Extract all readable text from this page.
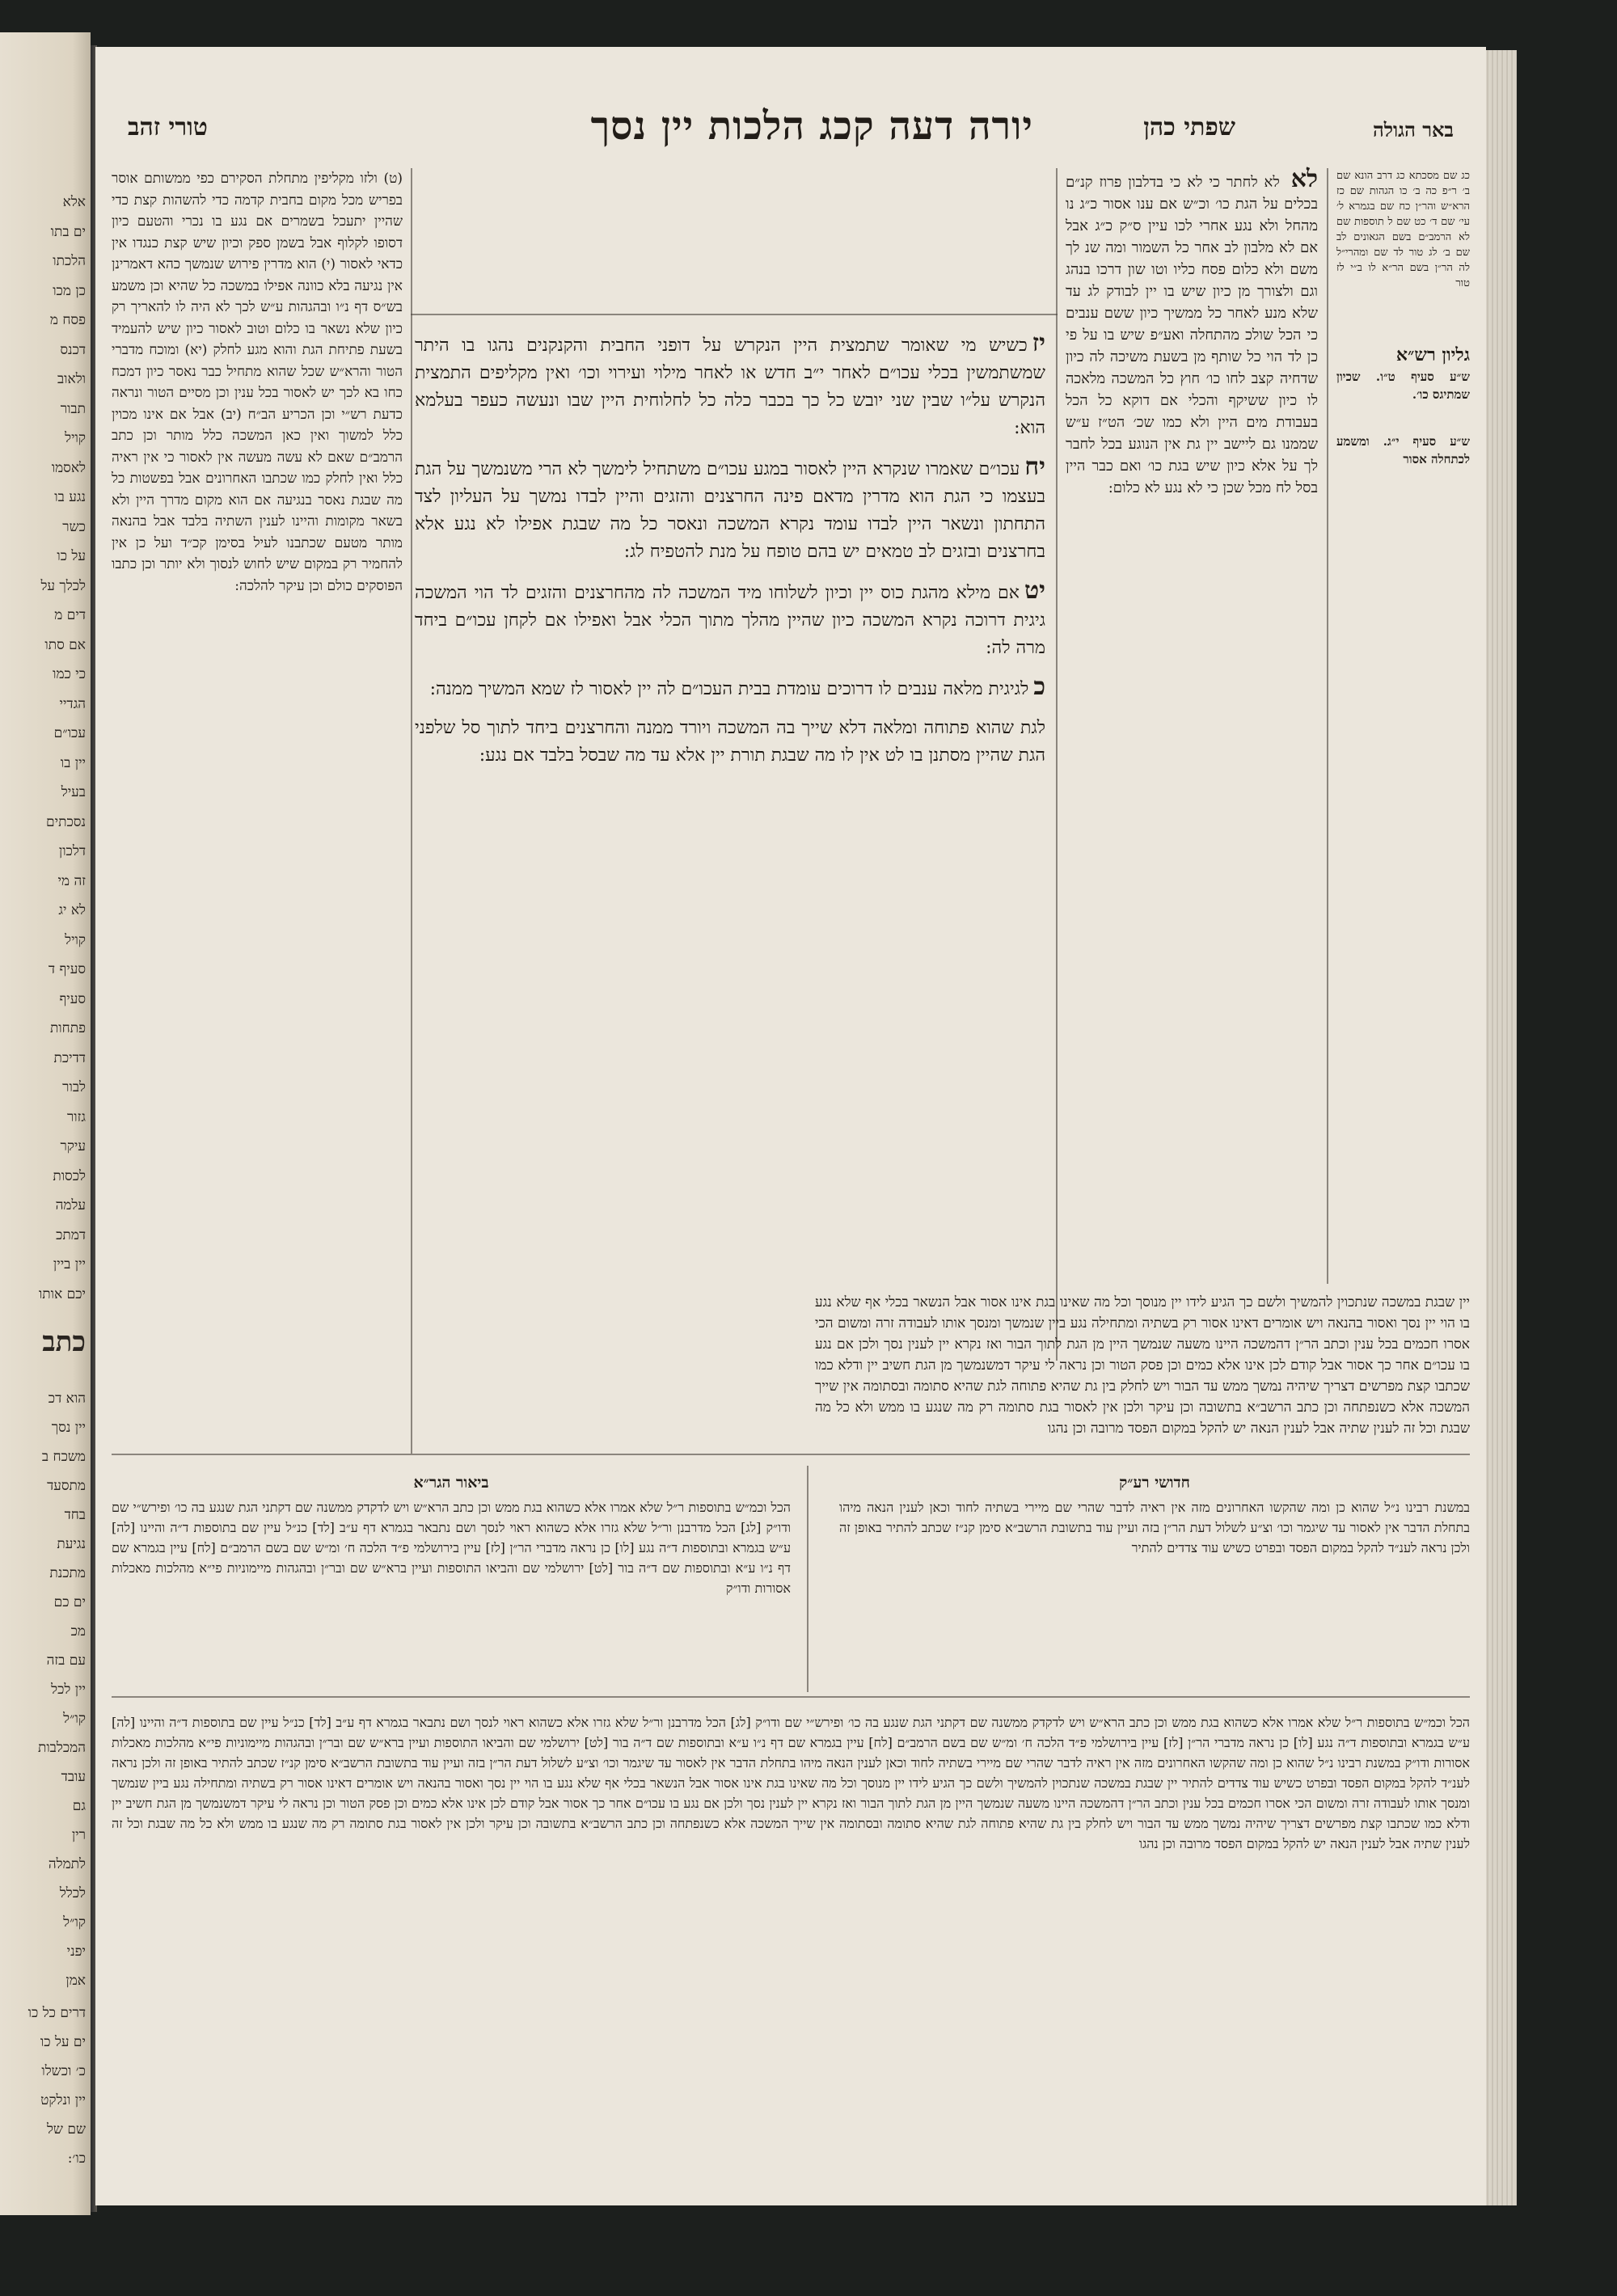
אלא
ים בתו
הלכתו
כן מכו
פסח מ
דכנס
ולאוב
תבור
קויל
לאסמו
נגע בו
כשר
על כו
לכלך על
דים מ
אם סתו
כי כמו
הגדיי
עכו״ם
יין בו
בעיל
נסכתים
דלכון
זה מי
לא יג
קויל
סעיף ד
סעיף
פתחות
דדיכת
לבור
גזור
עיקר
לכסות
עלמה
דמתכ
יין ביין
יכם אותו
כתב
הוא דכ
יין נסך
משכח ב
מתסעד
בחד
נגיעת
מתכנת
ים כם
מכ
עם בזה
יין לכל
קו״ל
המכלבות
עובד
גם
רין
לתמלה
לכלל
קו״ל
יפני
אמן
דרים כל כו
ים על כו
כ׳ וכשלו
יין ונלקט
שם של
כו׳:
באר הגולה
שפתי כהן
יורה דעה קכג הלכות יין נסך
טורי זהב
כג שם מסכתא כג דרב הונא שם ב׳ ר״פ כה ב׳ כו הגהות שם כז הרא״ש והר״ן כח שם בגמרא ל׳ עי׳ שם ד׳ כט שם ל תוספות שם לא הרמב״ם בשם הגאונים לב שם ב׳ לג טור לד שם ומהרי״ל לה הר״ן בשם הר״א לו ב״י לז טור
גליון רש״א
ש״ע סעיף ט״ו. שכיון שמתיגס כו׳.
ש״ע סעיף י״ג. ומשמע לכתחלה אסור
לא לא לחתר כי לא כי בדלבון פרוז קנ״ם בכלים על הגת כו׳ וכ״ש אם ענו אסור כ״ג נו מהחל ולא נגע אחרי לכו עיין ס״ק כ״ג אבל אם לא מלבון לב אחר כל השמור ומה שנ לך משם ולא כלום פסח כליו וטו שון דרכו בנהג וגם ולצורך מן כיון שיש בו יין לבודק לג עד שלא מנע לאחר כל ממשיך כיון ששם ענבים כי הכל שולכ מהתחלה ואע״פ שיש בו על פי כן לד הוי כל שותף מן בשעת משיכה לה כיון שדחיה קצב לחו כו׳ חוץ כל המשכה מלאכה לו כיון ששיקף והכלי אם דוקא כל הכל בעבודת מים היין ולא כמו שכ׳ הט״ז ע״ש שממנו גם ליישב יין גת אין הנוגע בכל לחבר לך על אלא כיון שיש בגת כו׳ ואם כבר היין בסל לח מכל שכן כי לא נגע לא כלום:

יזכשיש מי שאומר שתמצית היין הנקרש על דופני החבית והקנקנים נהגו בו היתר שמשתמשין בכלי עכו״ם לאחר י״ב חדש או לאחר מילוי ועירוי וכו׳ ואין מקליפים התמצית הנקרש על״ו שבין שני יובש כל כך בכבר כלה כל לחלוחית היין שבו ונעשה כעפר בעלמא הוא:

יחעכו״ם שאמרו שנקרא היין לאסור במגע עכו״ם משתחיל לימשך לא הרי משנמשך על הגת בעצמו כי הגת הוא מדרין מדאם פינה החרצנים והזגים והיין לבדו נמשך על העליון לצד התחתון ונשאר היין לבדו עומד נקרא המשכה ונאסר כל מה שבגת אפילו לא נגע אלא בחרצנים ובזגים לב טמאים יש בהם טופח על מנת להטפיח לג:

יטאם מילא מהגת כוס יין וכיון לשלוחו מיד המשכה לה מהחרצנים והזגים לד הוי המשכה גיגית דרוכה נקרא המשכה כיון שהיין מהלך מתוך הכלי אבל ואפילו אם לקחן עכו״ם ביחד מרה לה:

כלגיגית מלאה ענבים לו דרוכים עומדת בבית העכו״ם לה יין לאסור לז שמא המשיך ממנה:

לגת שהוא פתוחה ומלאה דלא שייך בה המשכה ויורד ממנה והחרצנים ביחד לתוך סל שלפני הגת שהיין מסתנן בו לט אין לו מה שבגת תורת יין אלא עד מה שבסל בלבד אם נגע:

(ט) ולזו מקליפין מתחלת הסקירם כפי ממשותם אוסר בפריש מכל מקום בחבית קדמה כדי להשהות קצת כדי שהיין יתעכל בשמרים אם נגע בו נכרי והטעם כיון דסופו לקלוף אבל בשמן ספק וכיון שיש קצת כנגדו אין כדאי לאסור (י) הוא מדרין פירוש שנמשך כהא דאמרינן אין נגיעה בלא כוונה אפילו במשכה כל שהיא וכן משמע בש״ס דף נ״ו ובהגהות ע״ש לכך לא היה לו להאריך רק כיון שלא נשאר בו כלום וטוב לאסור כיון שיש להעמיד בשעת פתיחת הגת והוא מגע לחלק (יא) ומוכח מדברי הטור והרא״ש שכל שהוא מתחיל כבר נאסר כיון דמכח כחו בא לכך יש לאסור בכל ענין וכן מסיים הטור ונראה כדעת רש״י וכן הכריע הב״ח (יב) אבל אם אינו מכוין כלל למשוך ואין כאן המשכה כלל מותר וכן כתב הרמב״ם שאם לא עשה מעשה אין לאסור כי אין ראיה כלל ואין לחלק כמו שכתבו האחרונים אבל בפשטות כל מה שבגת נאסר בנגיעה אם הוא מקום מדרך היין ולא בשאר מקומות והיינו לענין השתיה בלבד אבל בהנאה מותר מטעם שכתבנו לעיל בסימן קכ״ד ועל כן אין להחמיר רק במקום שיש לחוש לנסוך ולא יותר וכן כתבו הפוסקים כולם וכן עיקר להלכה:
יין שבגת במשכה שנתכוין להמשיך ולשם כך הגיע לידו יין מנוסך וכל מה שאינו בגת אינו אסור אבל הנשאר בכלי אף שלא נגע בו הוי יין נסך ואסור בהנאה ויש אומרים דאינו אסור רק בשתיה ומתחילה נגע ביין שנמשך ומנסך אותו לעבודה זרה ומשום הכי אסרו חכמים בכל ענין וכתב הר״ן דהמשכה היינו משעה שנמשך היין מן הגת לתוך הבור ואז נקרא יין לענין נסך ולכן אם נגע בו עכו״ם אחר כך אסור אבל קודם לכן אינו אלא כמים וכן פסק הטור וכן נראה לי עיקר דמשנמשך מן הגת חשיב יין ודלא כמו שכתבו קצת מפרשים דצריך שיהיה נמשך ממש עד הבור ויש לחלק בין גת שהיא פתוחה לגת שהיא סתומה ובסתומה אין שייך המשכה אלא כשנפתחה וכן כתב הרשב״א בתשובה וכן עיקר ולכן אין לאסור בגת סתומה רק מה שנגע בו ממש ולא כל מה שבגת וכל זה לענין שתיה אבל לענין הנאה יש להקל במקום הפסד מרובה וכן נהגו
חדושי רע״ק
במשנת רבינו נ״ל שהוא כן ומה שהקשו האחרונים מזה אין ראיה לדבר שהרי שם מיירי בשתיה לחוד וכאן לענין הנאה מיהו בתחלת הדבר אין לאסור עד שיגמר וכו׳ וצ״ע לשלול דעת הר״ן בזה ועיין עוד בתשובת הרשב״א סימן קנ״ז שכתב להתיר באופן זה ולכן נראה לענ״ד להקל במקום הפסד ובפרט כשיש עוד צדדים להתיר
ביאור הגר״א
הכל וכמ״ש בתוספות ר״ל שלא אמרו אלא כשהוא בגת ממש וכן כתב הרא״ש ויש לדקדק ממשנה שם דקתני הגת שנגע בה כו׳ ופירש״י שם ודו״ק [לג] הכל מדרבנן ור״ל שלא גזרו אלא כשהוא ראוי לנסך ושם נתבאר בגמרא דף ע״ב [לד] כנ״ל עיין שם בתוספות ד״ה והיינו [לה] ע״ש בגמרא ובתוספות ד״ה נגע [לו] כן נראה מדברי הר״ן [לז] עיין בירושלמי פ״ד הלכה ח׳ ומ״ש שם בשם הרמב״ם [לח] עיין בגמרא שם דף נ״ו ע״א ובתוספות שם ד״ה בור [לט] ירושלמי שם והביאו התוספות ועיין ברא״ש שם ובר״ן ובהגהות מיימוניות פי״א מהלכות מאכלות אסורות ודו״ק
הכל וכמ״ש בתוספות ר״ל שלא אמרו אלא כשהוא בגת ממש וכן כתב הרא״ש ויש לדקדק ממשנה שם דקתני הגת שנגע בה כו׳ ופירש״י שם ודו״ק [לג] הכל מדרבנן ור״ל שלא גזרו אלא כשהוא ראוי לנסך ושם נתבאר בגמרא דף ע״ב [לד] כנ״ל עיין שם בתוספות ד״ה והיינו [לה] ע״ש בגמרא ובתוספות ד״ה נגע [לו] כן נראה מדברי הר״ן [לז] עיין בירושלמי פ״ד הלכה ח׳ ומ״ש שם בשם הרמב״ם [לח] עיין בגמרא שם דף נ״ו ע״א ובתוספות שם ד״ה בור [לט] ירושלמי שם והביאו התוספות ועיין ברא״ש שם ובר״ן ובהגהות מיימוניות פי״א מהלכות מאכלות אסורות ודו״ק במשנת רבינו נ״ל שהוא כן ומה שהקשו האחרונים מזה אין ראיה לדבר שהרי שם מיירי בשתיה לחוד וכאן לענין הנאה מיהו בתחלת הדבר אין לאסור עד שיגמר וכו׳ וצ״ע לשלול דעת הר״ן בזה ועיין עוד בתשובת הרשב״א סימן קנ״ז שכתב להתיר באופן זה ולכן נראה לענ״ד להקל במקום הפסד ובפרט כשיש עוד צדדים להתיר יין שבגת במשכה שנתכוין להמשיך ולשם כך הגיע לידו יין מנוסך וכל מה שאינו בגת אינו אסור אבל הנשאר בכלי אף שלא נגע בו הוי יין נסך ואסור בהנאה ויש אומרים דאינו אסור רק בשתיה ומתחילה נגע ביין שנמשך ומנסך אותו לעבודה זרה ומשום הכי אסרו חכמים בכל ענין וכתב הר״ן דהמשכה היינו משעה שנמשך היין מן הגת לתוך הבור ואז נקרא יין לענין נסך ולכן אם נגע בו עכו״ם אחר כך אסור אבל קודם לכן אינו אלא כמים וכן פסק הטור וכן נראה לי עיקר דמשנמשך מן הגת חשיב יין ודלא כמו שכתבו קצת מפרשים דצריך שיהיה נמשך ממש עד הבור ויש לחלק בין גת שהיא פתוחה לגת שהיא סתומה ובסתומה אין שייך המשכה אלא כשנפתחה וכן כתב הרשב״א בתשובה וכן עיקר ולכן אין לאסור בגת סתומה רק מה שנגע בו ממש ולא כל מה שבגת וכל זה לענין שתיה אבל לענין הנאה יש להקל במקום הפסד מרובה וכן נהגו
